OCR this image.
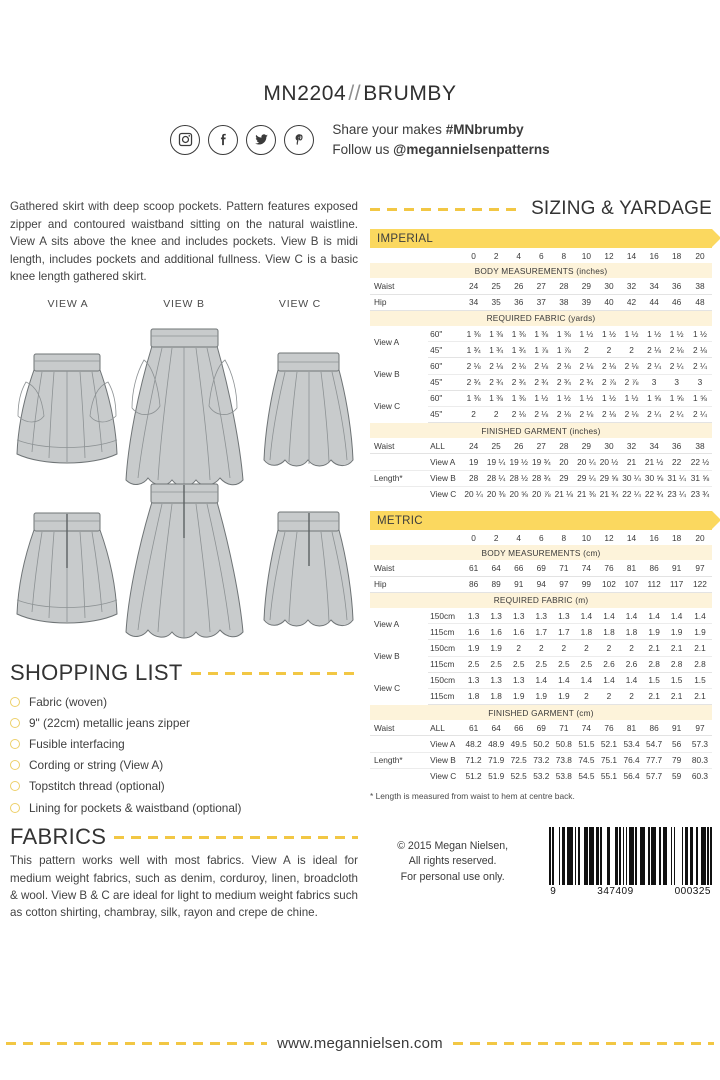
MN2204//BRUMBY
Share your makes #MNbrumby
Follow us @megannielsenpatterns

Gathered skirt with deep scoop pockets. Pattern features exposed zipper and contoured waistband sitting on the natural waistline. View A sits above the knee and includes pockets. View B is midi length, includes pockets and additional fullness. View C is a basic knee length gathered skirt.

VIEW A	VIEW B	VIEW C
SHOPPING LIST
Fabric (woven)
9" (22cm) metallic jeans zipper
Fusible interfacing
Cording or string (View A)
Topstitch thread (optional)
Lining for pockets & waistband (optional)
FABRICS

This pattern works well with most fabrics. View A is ideal for medium weight fabrics, such as denim, corduroy, linen, broadcloth & wool. View B & C are ideal for light to medium weight fabrics such as cotton shirting, chambray, silk, rayon and crepe de chine.

SIZING & YARDAGE
IMPERIAL
		0	2	4	6	8	10	12	14	16	18	20
BODY MEASUREMENTS (inches)												
Waist		24	25	26	27	28	29	30	32	34	36	38
Hip		34	35	36	37	38	39	40	42	44	46	48
REQUIRED FABRIC (yards)												
View A	60"	1 ⅜	1 ⅜	1 ⅜	1 ⅜	1 ⅜	1 ½	1 ½	1 ½	1 ½	1 ½	1 ½
	45"	1 ¾	1 ¾	1 ¾	1 ⅞	1 ⅞	2	2	2	2 ⅛	2 ⅛	2 ⅛
View B	60"	2 ⅛	2 ⅛	2 ⅛	2 ⅛	2 ⅛	2 ⅛	2 ⅛	2 ⅛	2 ¼	2 ¼	2 ¼
	45"	2 ¾	2 ¾	2 ¾	2 ¾	2 ¾	2 ¾	2 ⅞	2 ⅞	3	3	3
View C	60"	1 ⅜	1 ⅜	1 ⅜	1 ½	1 ½	1 ½	1 ½	1 ½	1 ⅝	1 ⅝	1 ⅝
	45"	2	2	2 ⅛	2 ⅛	2 ⅛	2 ⅛	2 ⅛	2 ⅛	2 ¼	2 ¼	2 ¼
FINISHED GARMENT (inches)												
Waist	ALL	24	25	26	27	28	29	30	32	34	36	38
	View A	19	19 ¼	19 ½	19 ¾	20	20 ¼	20 ½	21	21 ½	22	22 ½
Length*	View B	28	28 ¼	28 ½	28 ¾	29	29 ¼	29 ⅝	30 ¼	30 ⅝	31 ¼	31 ⅝
	View C	20 ¼	20 ⅜	20 ⅝	20 ⅞	21 ⅛	21 ⅜	21 ¾	22 ¼	22 ¾	23 ¼	23 ¾
METRIC
		0	2	4	6	8	10	12	14	16	18	20
BODY MEASUREMENTS (cm)												
Waist		61	64	66	69	71	74	76	81	86	91	97
Hip		86	89	91	94	97	99	102	107	112	117	122
REQUIRED FABRIC (m)												
View A	150cm	1.3	1.3	1.3	1.3	1.3	1.4	1.4	1.4	1.4	1.4	1.4
	115cm	1.6	1.6	1.6	1.7	1.7	1.8	1.8	1.8	1.9	1.9	1.9
View B	150cm	1.9	1.9	2	2	2	2	2	2	2.1	2.1	2.1
	115cm	2.5	2.5	2.5	2.5	2.5	2.5	2.6	2.6	2.8	2.8	2.8
View C	150cm	1.3	1.3	1.3	1.4	1.4	1.4	1.4	1.4	1.5	1.5	1.5
	115cm	1.8	1.8	1.9	1.9	1.9	2	2	2	2.1	2.1	2.1
FINISHED GARMENT (cm)												
Waist	ALL	61	64	66	69	71	74	76	81	86	91	97
	View A	48.2	48.9	49.5	50.2	50.8	51.5	52.1	53.4	54.7	56	57.3
Length*	View B	71.2	71.9	72.5	73.2	73.8	74.5	75.1	76.4	77.7	79	80.3
	View C	51.2	51.9	52.5	53.2	53.8	54.5	55.1	56.4	57.7	59	60.3
* Length is measured from waist to hem at centre back.
© 2015 Megan Nielsen,
All rights reserved.
For personal use only.
9	347409	000325
www.megannielsen.com
